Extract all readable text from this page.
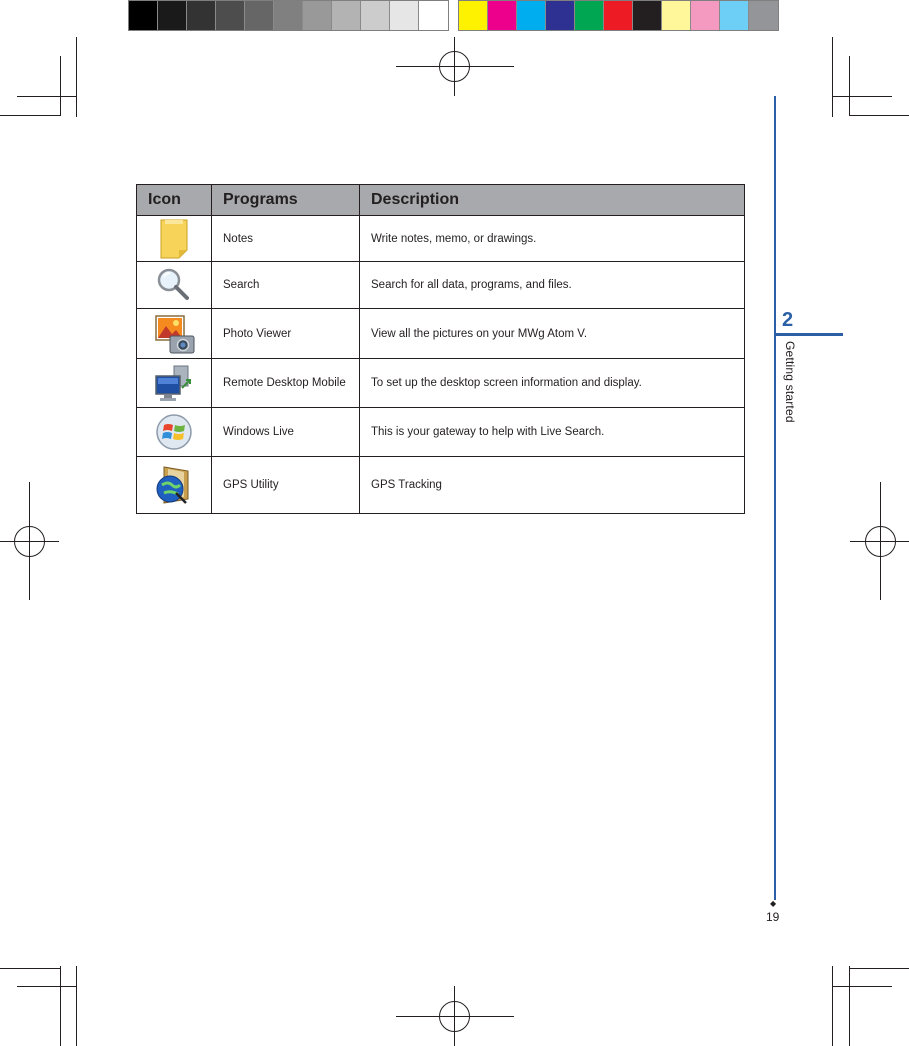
2
Getting started
◆
19
Icon	Programs	Description
	Notes	Write notes, memo, or drawings.
	Search	Search for all data, programs, and files.
	Photo Viewer	View all the pictures on your MWg Atom V.
	Remote Desktop Mobile	To set up the desktop screen information and display.
	Windows Live	This is your gateway to help with Live Search.
	GPS Utility	GPS Tracking
